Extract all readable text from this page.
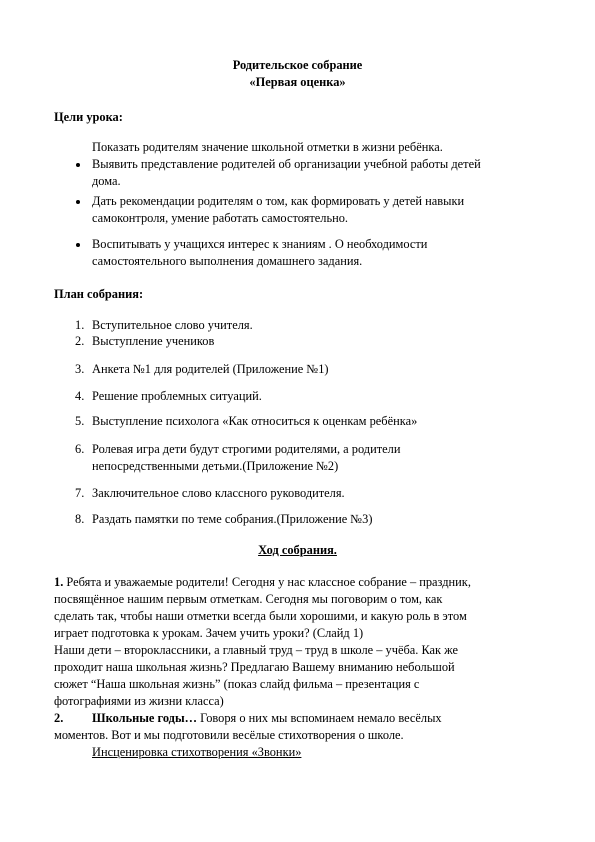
Родительское собрание
«Первая оценка»
Цели урока:
Показать родителям значение школьной отметки в жизни ребёнка.
Выявить представление родителей об организации учебной работы детей
дома.
Дать рекомендации родителям о том, как формировать у детей навыки
самоконтроля, умение работать самостоятельно.
Воспитывать у учащихся интерес к знаниям . О необходимости
самостоятельного выполнения домашнего задания.
План собрания:
1. Вступительное слово учителя.
2. Выступление учеников
3. Анкета №1 для родителей (Приложение №1)
4. Решение проблемных ситуаций.
5. Выступление психолога «Как относиться к оценкам ребёнка»
6. Ролевая игра дети будут строгими родителями, а родители
непосредственными детьми.(Приложение №2)
7. Заключительное слово классного руководителя.
8. Раздать памятки по теме собрания.(Приложение №3)
Ход собрания.
1. Ребята и уважаемые родители! Сегодня у нас классное собрание – праздник,
посвящённое нашим первым отметкам. Сегодня мы поговорим о том, как
сделать так, чтобы наши отметки всегда были хорошими, и какую роль в этом
играет подготовка к урокам. Зачем учить уроки? (Слайд 1)
Наши дети – второклассники, а главный труд – труд в школе – учёба. Как же
проходит наша школьная жизнь? Предлагаю Вашему вниманию небольшой
сюжет “Наша школьная жизнь” (показ слайд фильма – презентация с
фотографиями из жизни класса)
2. Школьные годы… Говоря о них мы вспоминаем немало весёлых
моментов. Вот и мы подготовили весёлые стихотворения о школе.
Инсценировка стихотворения «Звонки»
